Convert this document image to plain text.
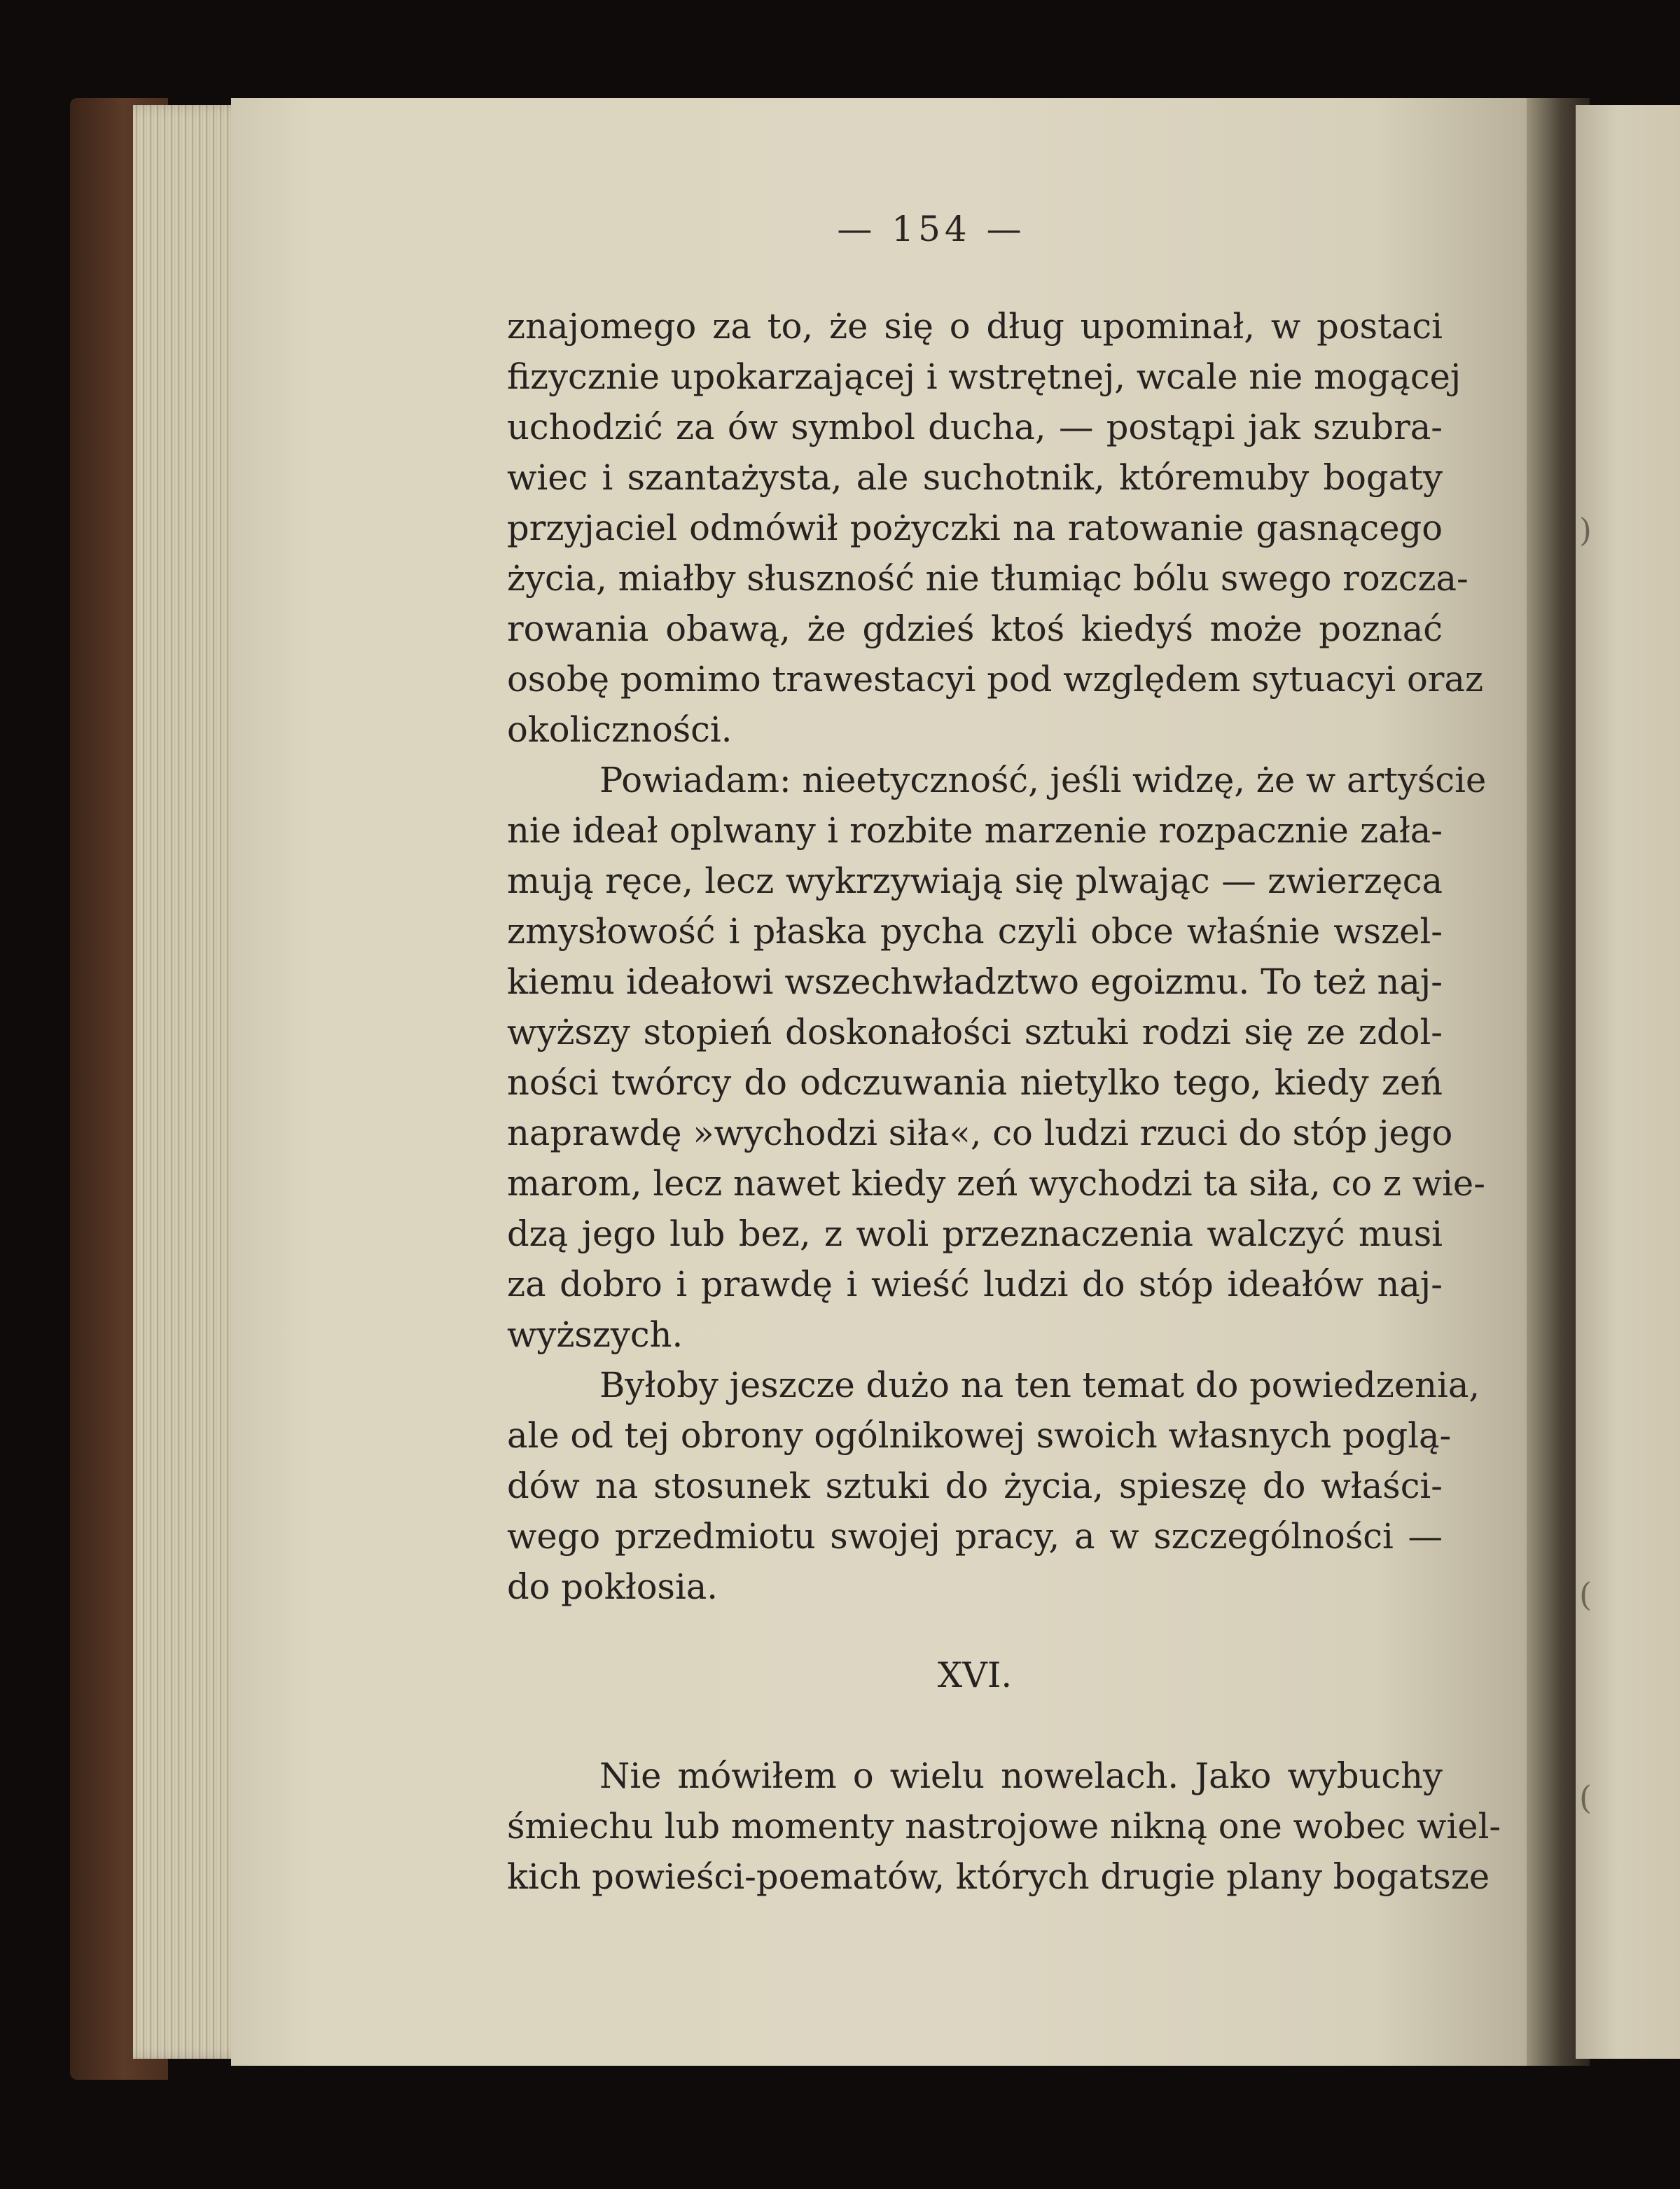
)
(
(
— 154 —
znajomego za to, że się o dług upominał, w postaci
fizycznie upokarzającej i wstrętnej, wcale nie mogącej
uchodzić za ów symbol ducha, — postąpi jak szubra-
wiec i szantażysta, ale suchotnik, któremuby bogaty
przyjaciel odmówił pożyczki na ratowanie gasnącego
życia, miałby słuszność nie tłumiąc bólu swego rozcza-
rowania obawą, że gdzieś ktoś kiedyś może poznać
osobę pomimo trawestacyi pod względem sytuacyi oraz
okoliczności.
Powiadam: nieetyczność, jeśli widzę, że w artyście
nie ideał oplwany i rozbite marzenie rozpacznie zała-
mują ręce, lecz wykrzywiają się plwając — zwierzęca
zmysłowość i płaska pycha czyli obce właśnie wszel-
kiemu ideałowi wszechwładztwo egoizmu. To też naj-
wyższy stopień doskonałości sztuki rodzi się ze zdol-
ności twórcy do odczuwania nietylko tego, kiedy zeń
naprawdę »wychodzi siła«, co ludzi rzuci do stóp jego
marom, lecz nawet kiedy zeń wychodzi ta siła, co z wie-
dzą jego lub bez, z woli przeznaczenia walczyć musi
za dobro i prawdę i wieść ludzi do stóp ideałów naj-
wyższych.
Byłoby jeszcze dużo na ten temat do powiedzenia,
ale od tej obrony ogólnikowej swoich własnych poglą-
dów na stosunek sztuki do życia, spieszę do właści-
wego przedmiotu swojej pracy, a w szczególności —
do pokłosia.
XVI.
Nie mówiłem o wielu nowelach. Jako wybuchy
śmiechu lub momenty nastrojowe nikną one wobec wiel-
kich powieści-poematów, których drugie plany bogatsze
